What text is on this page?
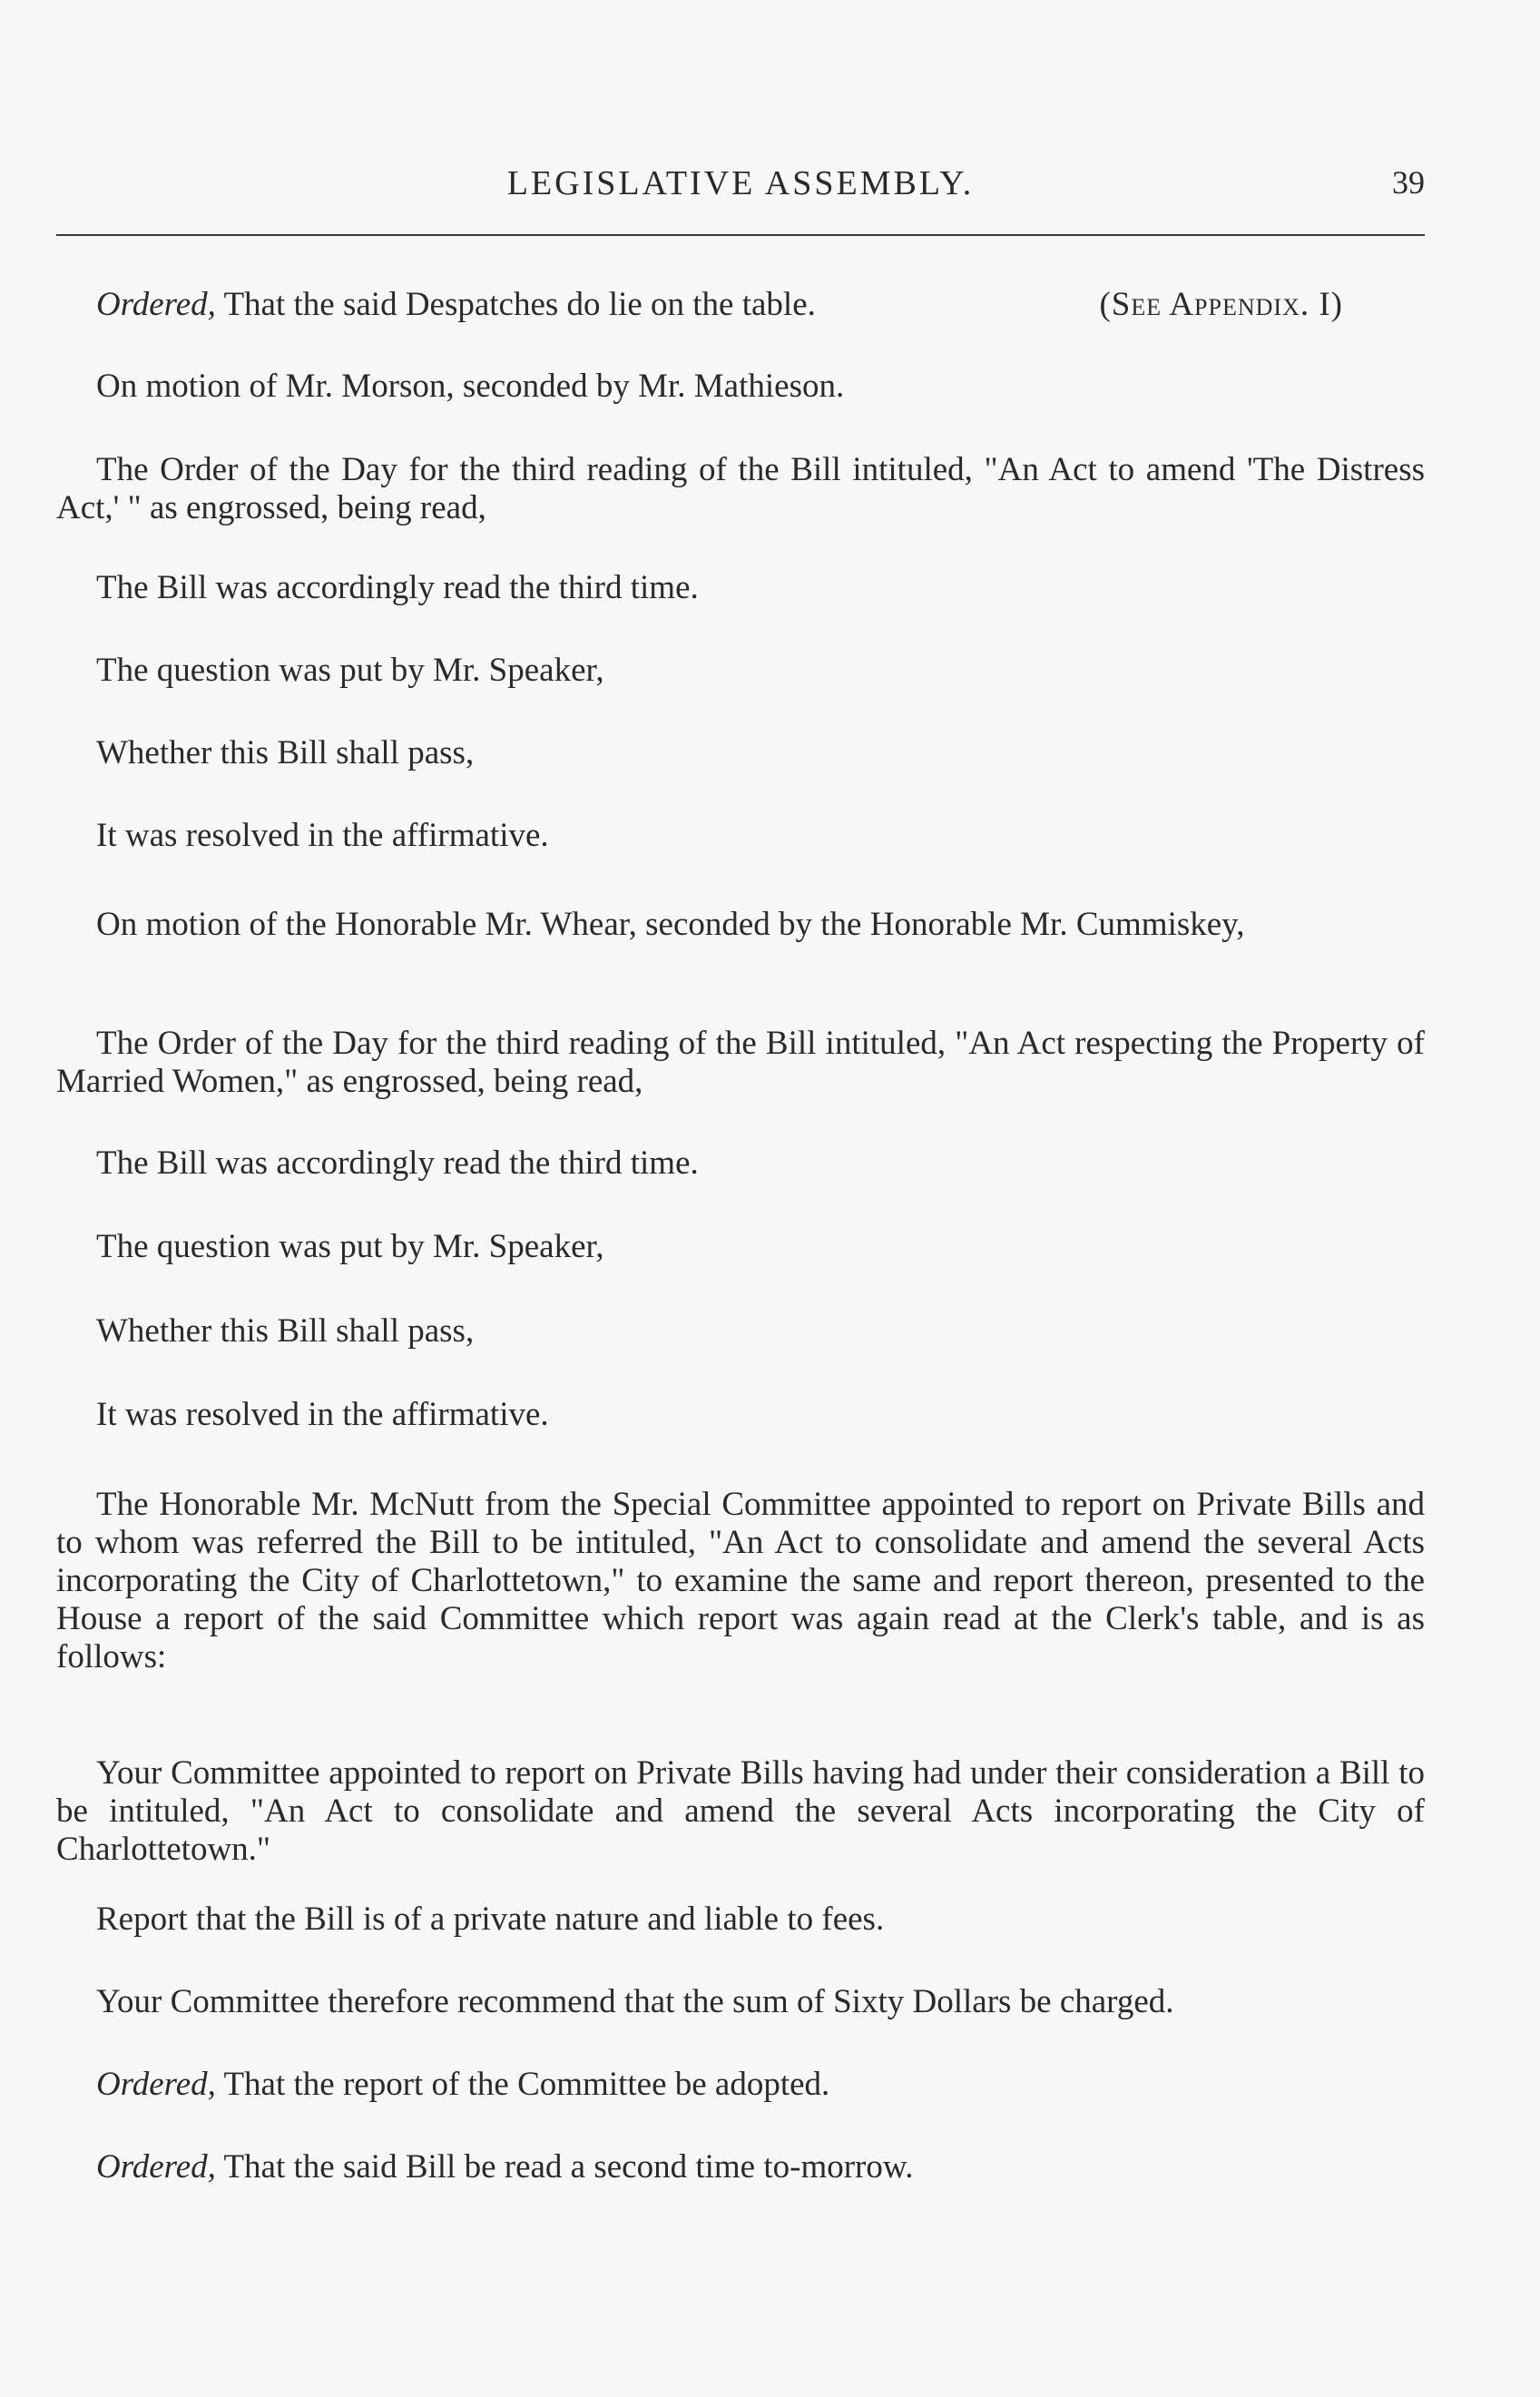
LEGISLATIVE ASSEMBLY.	39

Ordered, That the said Despatches do lie on the table.	(See Appendix. I)

On motion of Mr. Morson, seconded by Mr. Mathieson.

The Order of the Day for the third reading of the Bill intituled, "An Act to amend 'The Distress Act,' " as engrossed, being read,

The Bill was accordingly read the third time.

The question was put by Mr. Speaker,

Whether this Bill shall pass,

It was resolved in the affirmative.

On motion of the Honorable Mr. Whear, seconded by the Honorable Mr. Cummiskey,

The Order of the Day for the third reading of the Bill intituled, "An Act respecting the Property of Married Women," as engrossed, being read,

The Bill was accordingly read the third time.

The question was put by Mr. Speaker,

Whether this Bill shall pass,

It was resolved in the affirmative.

The Honorable Mr. McNutt from the Special Committee appointed to report on Private Bills and to whom was referred the Bill to be intituled, "An Act to consolidate and amend the several Acts incorporating the City of Charlottetown," to examine the same and report thereon, presented to the House a report of the said Committee which report was again read at the Clerk's table, and is as follows:

Your Committee appointed to report on Private Bills having had under their consideration a Bill to be intituled, "An Act to consolidate and amend the several Acts incorporating the City of Charlottetown."

Report that the Bill is of a private nature and liable to fees.

Your Committee therefore recommend that the sum of Sixty Dollars be charged.

Ordered, That the report of the Committee be adopted.

Ordered, That the said Bill be read a second time to-morrow.
